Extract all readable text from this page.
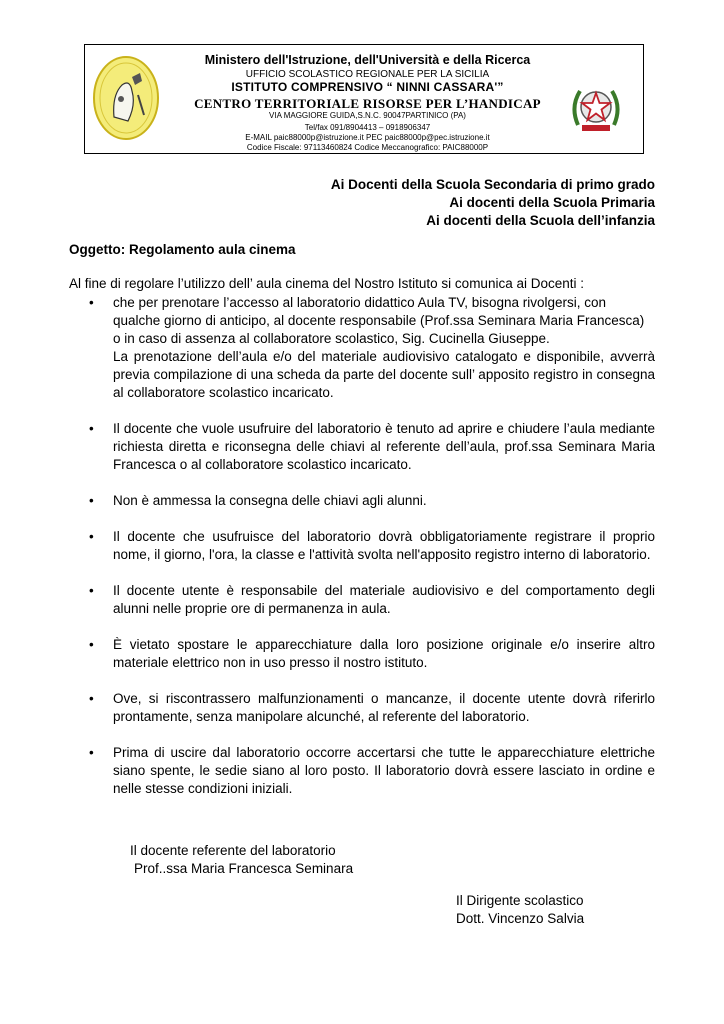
Ministero dell'Istruzione, dell'Università e della Ricerca
UFFICIO SCOLASTICO REGIONALE PER LA SICILIA
ISTITUTO COMPRENSIVO “ NINNI CASSARA'”
CENTRO TERRITORIALE RISORSE PER L’HANDICAP
VIA MAGGIORE GUIDA,S.N.C. 90047PARTINICO (PA)
Tel/fax 091/8904413 – 0918906347
E-MAIL paic88000p@istruzione.it PEC paic88000p@pec.istruzione.it
Codice Fiscale: 97113460824 Codice Meccanografico: PAIC88000P
Ai Docenti della Scuola Secondaria di primo grado
Ai docenti della Scuola Primaria
Ai docenti della Scuola dell’infanzia
Oggetto: Regolamento aula cinema
Al fine di regolare l’utilizzo dell’ aula cinema del Nostro Istituto si comunica ai Docenti :
• che per prenotare l’accesso al laboratorio didattico Aula TV, bisogna rivolgersi, con qualche giorno di anticipo, al docente responsabile (Prof.ssa Seminara Maria Francesca) o in caso di assenza al collaboratore scolastico, Sig. Cucinella Giuseppe.

La prenotazione dell’aula e/o del materiale audiovisivo catalogato e disponibile, avverrà previa compilazione di una scheda da parte del docente sull’ apposito registro in consegna al collaboratore scolastico incaricato.

• Il docente che vuole usufruire del laboratorio è tenuto ad aprire e chiudere l’aula mediante richiesta diretta e riconsegna delle chiavi al referente dell’aula, prof.ssa Seminara Maria Francesca o al collaboratore scolastico incaricato.

• Non è ammessa la consegna delle chiavi agli alunni.

• Il docente che usufruisce del laboratorio dovrà obbligatoriamente registrare il proprio nome, il giorno, l'ora, la classe e l'attività svolta nell'apposito registro interno di laboratorio.

• Il docente utente è responsabile del materiale audiovisivo e del comportamento degli alunni nelle proprie ore di permanenza in aula.

• È vietato spostare le apparecchiature dalla loro posizione originale e/o inserire altro materiale elettrico non in uso presso il nostro istituto.

• Ove, si riscontrassero malfunzionamenti o mancanze, il docente utente dovrà riferirlo prontamente, senza manipolare alcunché, al referente del laboratorio.

• Prima di uscire dal laboratorio occorre accertarsi che tutte le apparecchiature elettriche siano spente, le sedie siano al loro posto. Il laboratorio dovrà essere lasciato in ordine e nelle stesse condizioni iniziali.

Il docente referente del laboratorio
Prof..ssa Maria Francesca Seminara
Il Dirigente scolastico
Dott. Vincenzo Salvia
